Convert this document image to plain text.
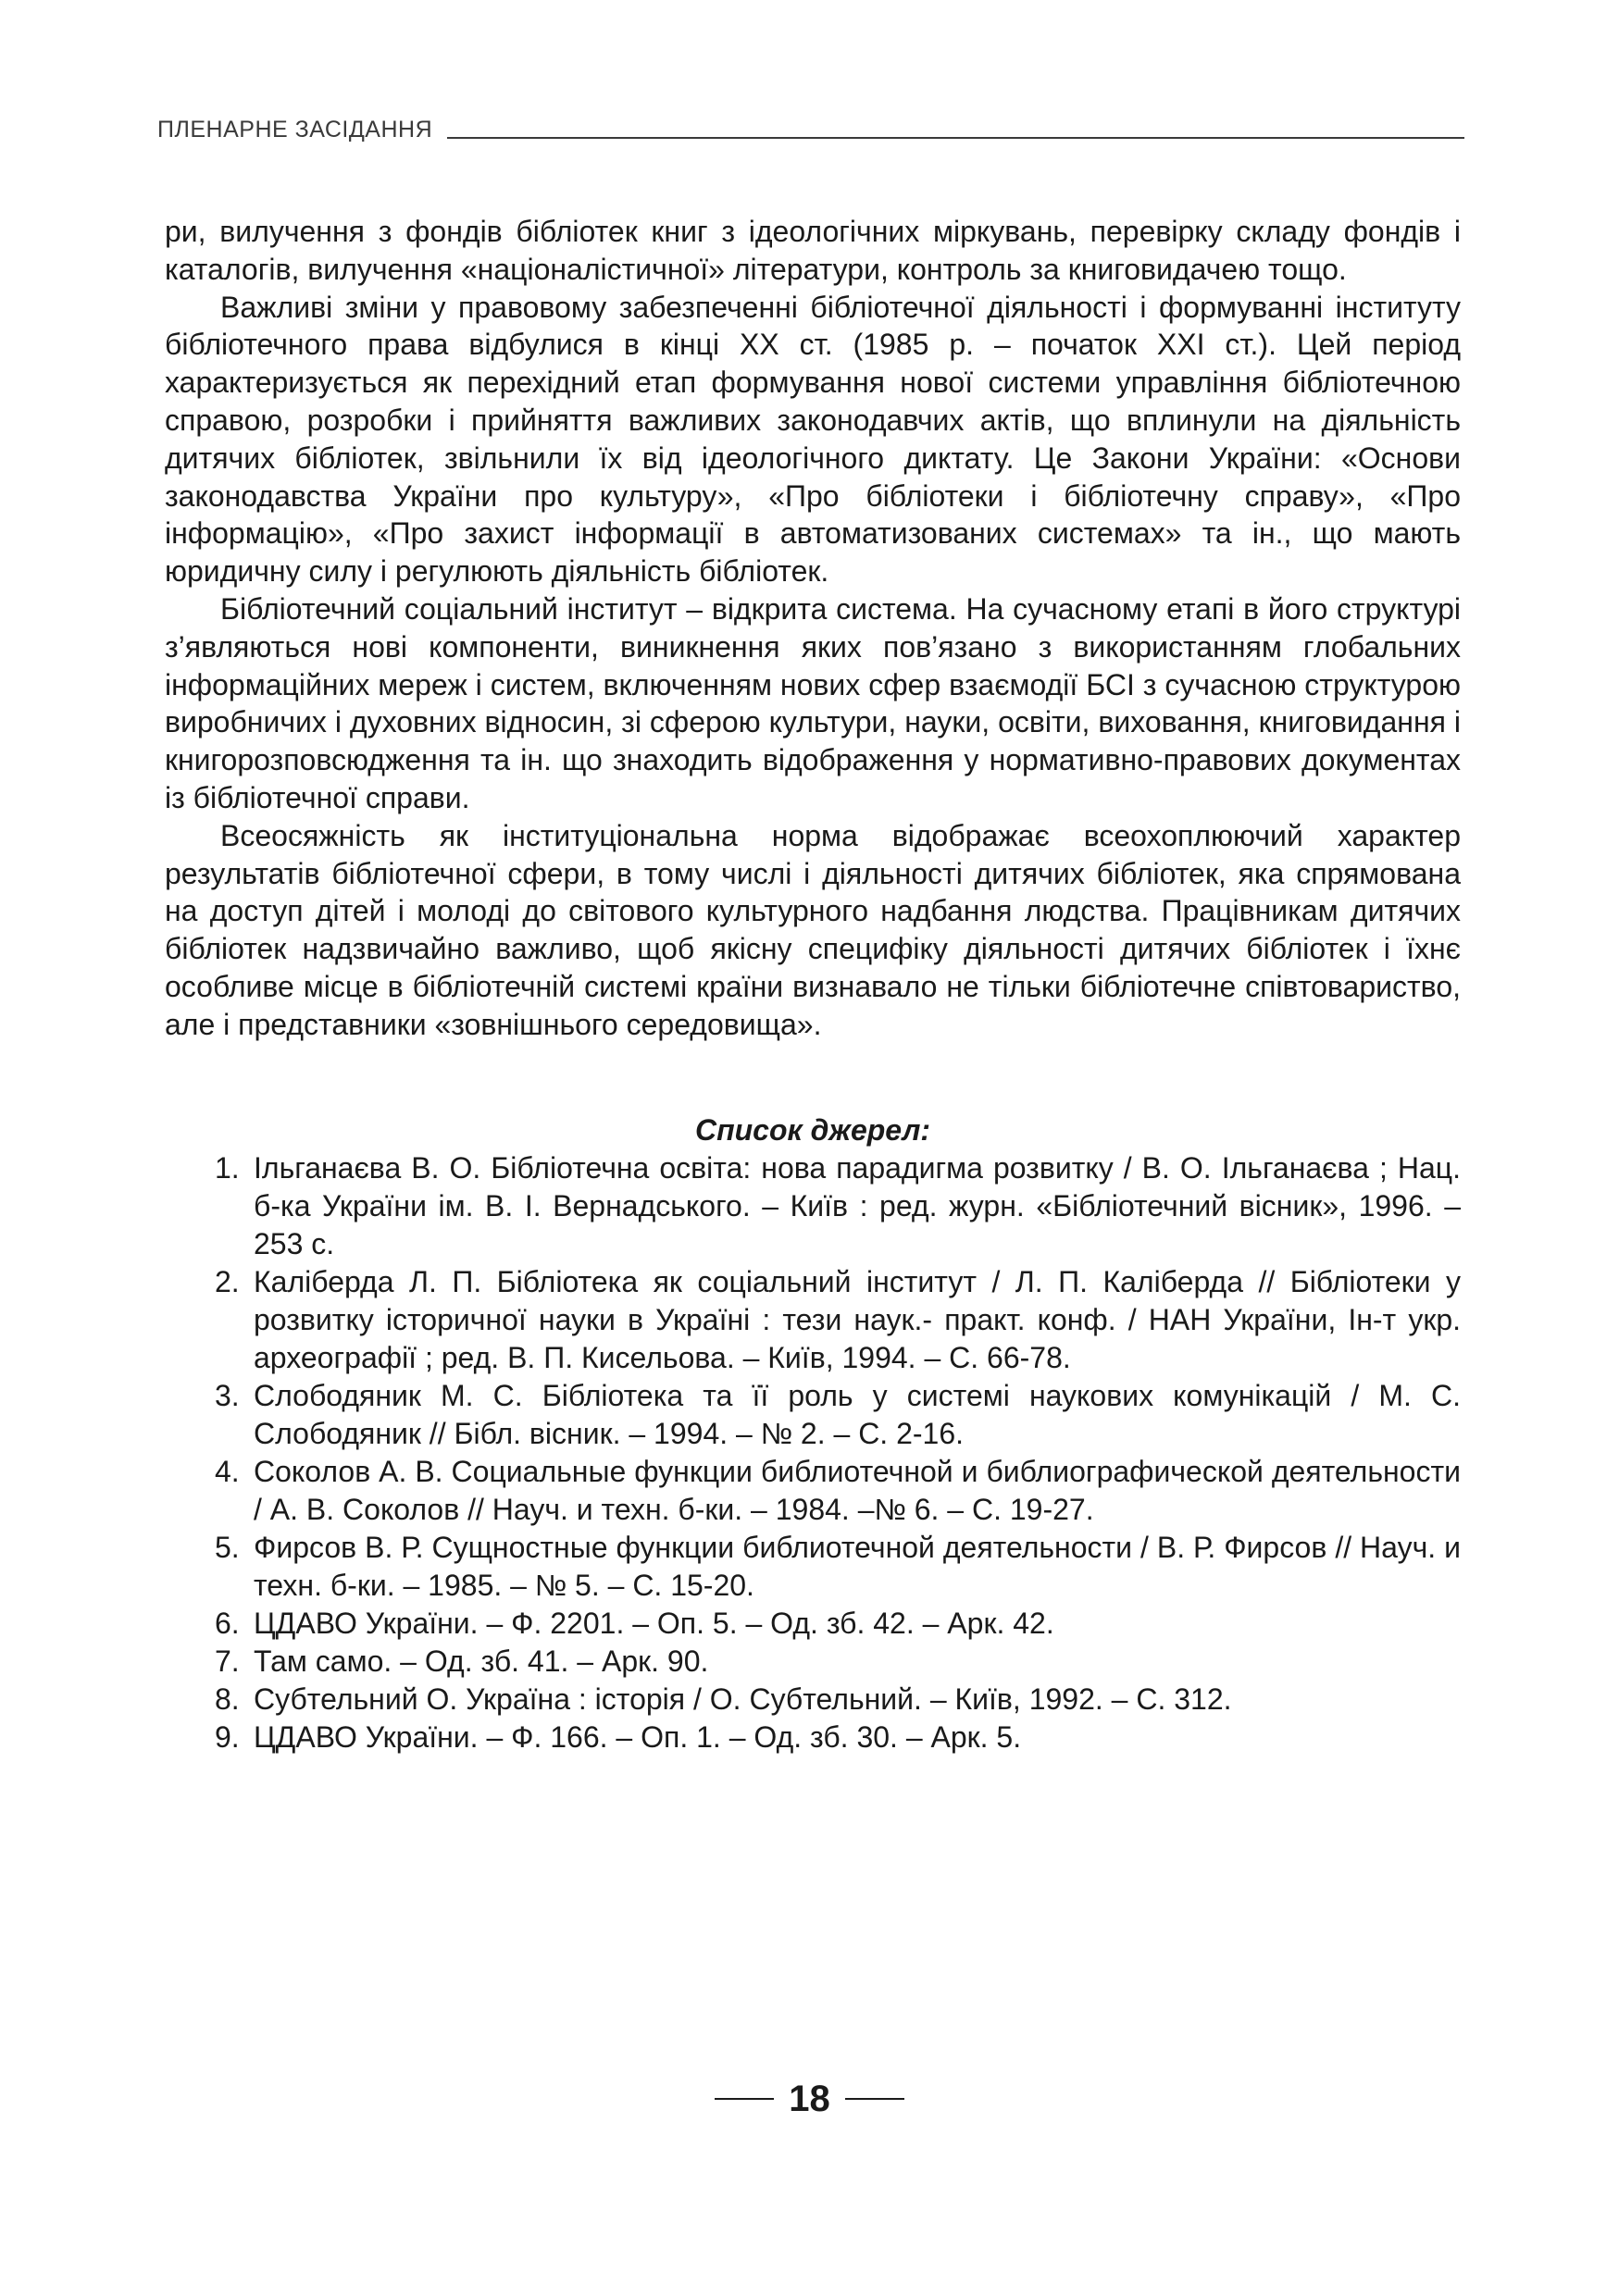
ПЛЕНАРНЕ ЗАСІДАННЯ

ри, вилучення з фондів бібліотек книг з ідеологічних міркувань, перевірку складу фондів і каталогів, вилучення «націоналістичної» літератури, контроль за книговидачею тощо.

Важливі зміни у правовому забезпеченні бібліотечної діяльності і формуванні інституту бібліотечного права відбулися в кінці XX ст. (1985 р. – початок XXI ст.). Цей період характеризується як перехідний етап формування нової системи управління бібліотечною справою, розробки і прийняття важливих законодавчих актів, що вплинули на діяльність дитячих бібліотек, звільнили їх від ідеологічного диктату. Це Закони України: «Основи законодавства України про культуру», «Про бібліотеки і бібліотечну справу», «Про інформацію», «Про захист інформації в автоматизованих системах» та ін., що мають юридичну силу і регулюють діяльність бібліотек.

Бібліотечний соціальний інститут – відкрита система. На сучасному етапі в його структурі з’являються нові компоненти, виникнення яких пов’язано з використанням глобальних інформаційних мереж і систем, включенням нових сфер взаємодії БСІ з сучасною структурою виробничих і духовних відносин, зі сферою культури, науки, освіти, виховання, книговидання і книгорозповсюдження та ін. що знаходить відображення у нормативно-правових документах із бібліотечної справи.

Всеосяжність як інституціональна норма відображає всеохоплюючий характер результатів бібліотечної сфери, в тому числі і діяльності дитячих бібліотек, яка спрямована на доступ дітей і молоді до світового культурного надбання людства. Працівникам дитячих бібліотек надзвичайно важливо, щоб якісну специфіку діяльності дитячих бібліотек і їхнє особливе місце в бібліотечній системі країни визнавало не тільки бібліотечне співтовариство, але і представники «зовнішнього середовища».

Список джерел:
1. Ільганаєва В. О. Бібліотечна освіта: нова парадигма розвитку / В. О. Ільганаєва ; Нац. б-ка України ім. В. І. Вернадського. – Київ : ред. журн. «Бібліотечний вісник», 1996. – 253 с.
2. Каліберда Л. П. Бібліотека як соціальний інститут / Л. П. Каліберда // Бібліотеки у розвитку історичної науки в Україні : тези наук.- практ. конф. / НАН України, Ін-т укр. археографії ; ред. В. П. Кисельова. – Київ, 1994. – С. 66-78.
3. Слободяник М. С. Бібліотека та її роль у системі наукових комунікацій / М. С. Слободяник // Бібл. вісник. – 1994. – № 2. – С. 2-16.
4. Соколов А. В. Социальные функции библиотечной и библиографической деятельности / А. В. Соколов // Науч. и техн. б-ки. – 1984. –№ 6. – С. 19-27.
5. Фирсов В. Р. Сущностные функции библиотечной деятельности / В. Р. Фирсов // Науч. и техн. б-ки. – 1985. – № 5. – С. 15-20.
6. ЦДАВО України. – Ф. 2201. – Оп. 5. – Од. зб. 42. – Арк. 42.
7. Там само. – Од. зб. 41. – Арк. 90.
8. Субтельний О. Україна : історія / О. Субтельний. – Київ, 1992. – С. 312.
9. ЦДАВО України. – Ф. 166. – Оп. 1. – Од. зб. 30. – Арк. 5.
18
